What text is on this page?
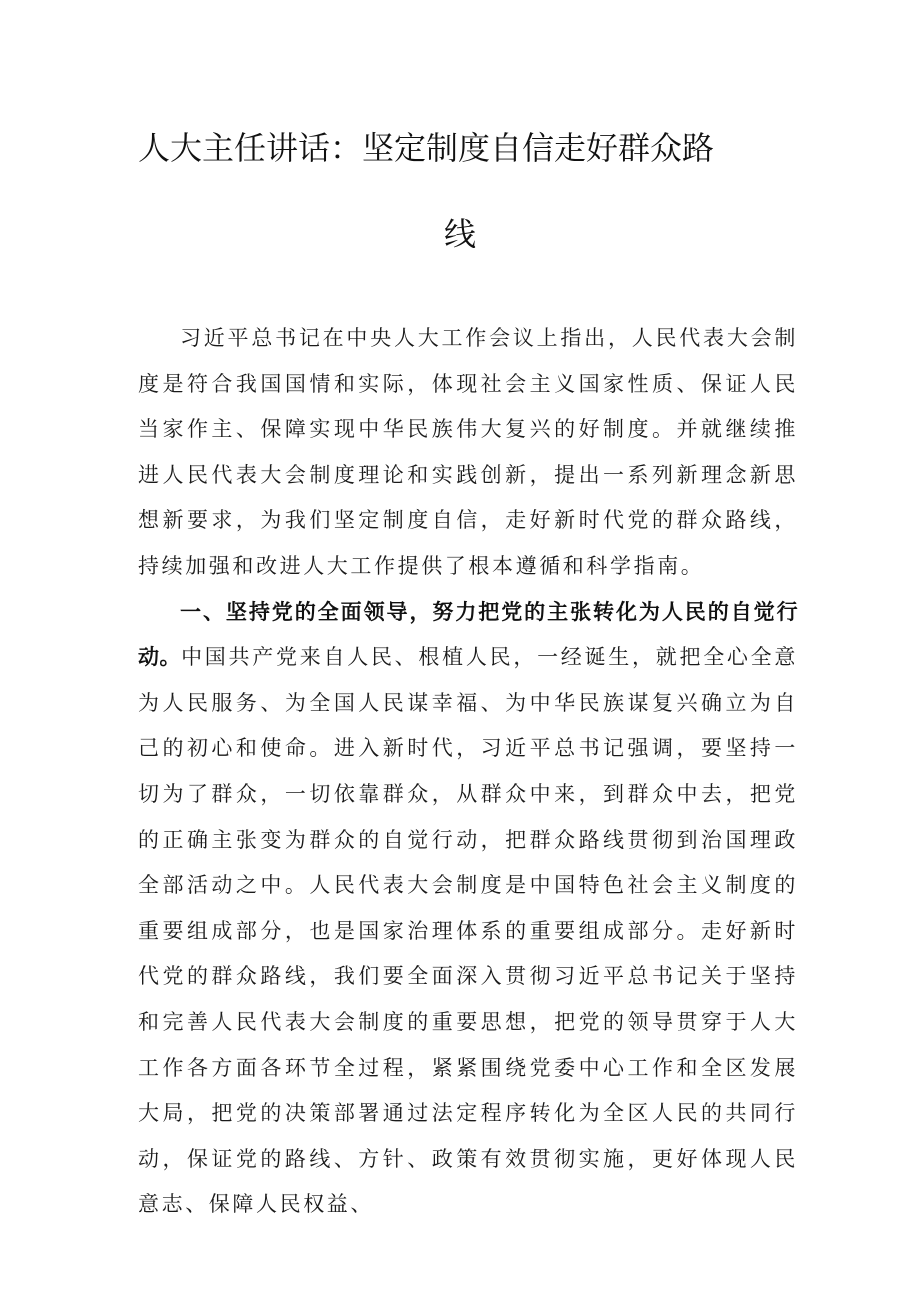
人大主任讲话：坚定制度自信走好群众路
线

习近平总书记在中央人大工作会议上指出，人民代表大会制度是符合我国国情和实际，体现社会主义国家性质、保证人民当家作主、保障实现中华民族伟大复兴的好制度。并就继续推进人民代表大会制度理论和实践创新，提出一系列新理念新思想新要求，为我们坚定制度自信，走好新时代党的群众路线，持续加强和改进人大工作提供了根本遵循和科学指南。

一、坚持党的全面领导，努力把党的主张转化为人民的自觉行动。中国共产党来自人民、根植人民，一经诞生，就把全心全意为人民服务、为全国人民谋幸福、为中华民族谋复兴确立为自己的初心和使命。进入新时代，习近平总书记强调，要坚持一切为了群众，一切依靠群众，从群众中来，到群众中去，把党的正确主张变为群众的自觉行动，把群众路线贯彻到治国理政全部活动之中。人民代表大会制度是中国特色社会主义制度的重要组成部分，也是国家治理体系的重要组成部分。走好新时代党的群众路线，我们要全面深入贯彻习近平总书记关于坚持和完善人民代表大会制度的重要思想，把党的领导贯穿于人大工作各方面各环节全过程，紧紧围绕党委中心工作和全区发展大局，把党的决策部署通过法定程序转化为全区人民的共同行动，保证党的路线、方针、政策有效贯彻实施，更好体现人民意志、保障人民权益、
